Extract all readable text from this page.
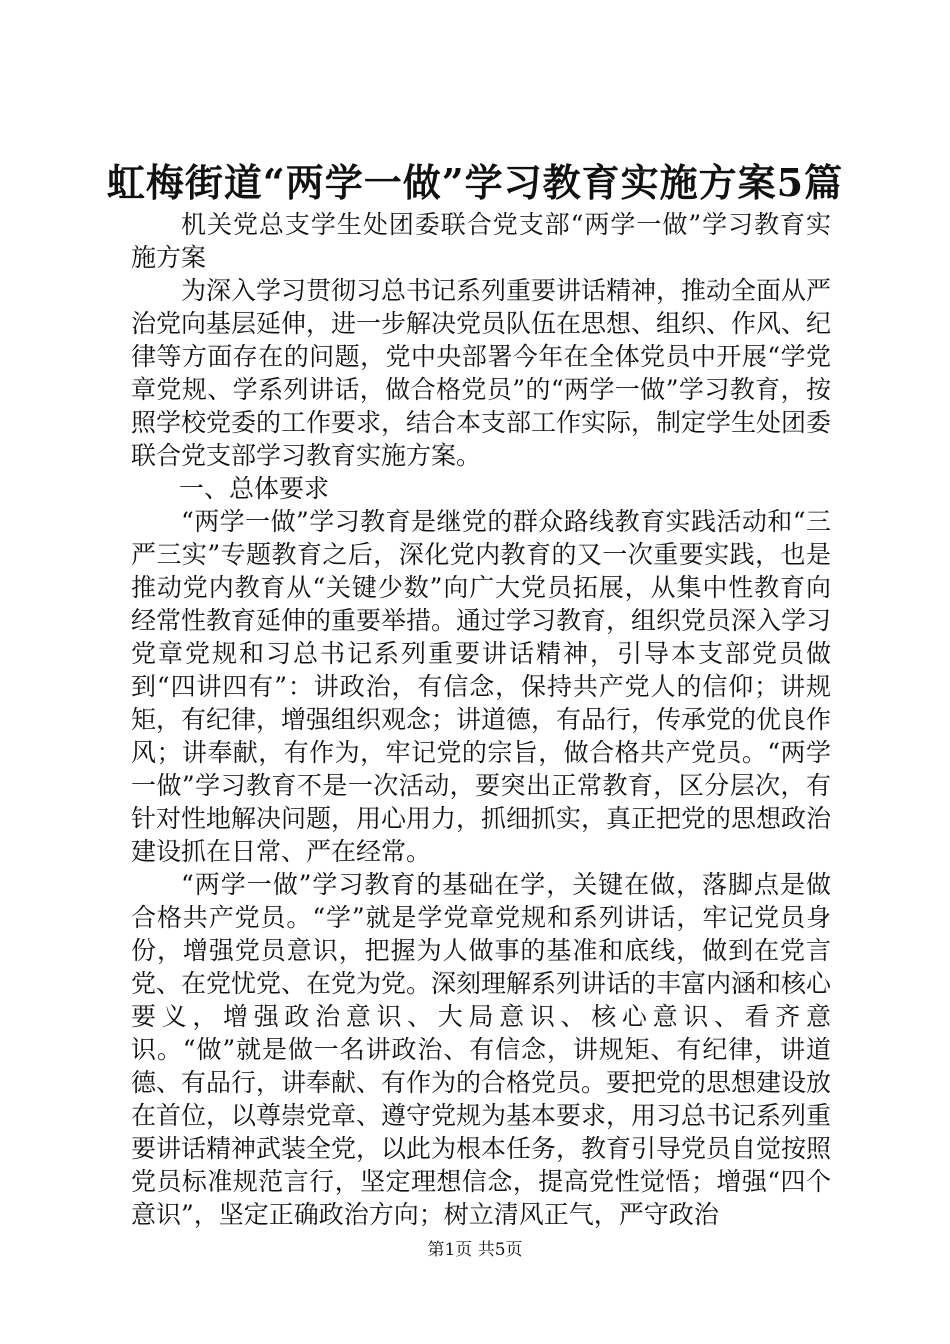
虹梅街道“两学一做”学习教育实施方案5篇

机关党总支学生处团委联合党支部“两学一做”学习教育实施方案

为深入学习贯彻习总书记系列重要讲话精神，推动全面从严治党向基层延伸，进一步解决党员队伍在思想、组织、作风、纪律等方面存在的问题，党中央部署今年在全体党员中开展“学党章党规、学系列讲话，做合格党员”的“两学一做”学习教育，按照学校党委的工作要求，结合本支部工作实际，制定学生处团委联合党支部学习教育实施方案。

一、总体要求

“两学一做”学习教育是继党的群众路线教育实践活动和“三严三实”专题教育之后，深化党内教育的又一次重要实践，也是推动党内教育从“关键少数”向广大党员拓展，从集中性教育向经常性教育延伸的重要举措。通过学习教育，组织党员深入学习党章党规和习总书记系列重要讲话精神，引导本支部党员做到“四讲四有”：讲政治，有信念，保持共产党人的信仰；讲规矩，有纪律，增强组织观念；讲道德，有品行，传承党的优良作风；讲奉献，有作为，牢记党的宗旨，做合格共产党员。“两学一做”学习教育不是一次活动，要突出正常教育，区分层次，有针对性地解决问题，用心用力，抓细抓实，真正把党的思想政治建设抓在日常、严在经常。

“两学一做”学习教育的基础在学，关键在做，落脚点是做合格共产党员。“学”就是学党章党规和系列讲话，牢记党员身份，增强党员意识，把握为人做事的基准和底线，做到在党言党、在党忧党、在党为党。深刻理解系列讲话的丰富内涵和核心要义，增强政治意识、大局意识、核心意识、看齐意识。“做”就是做一名讲政治、有信念，讲规矩、有纪律，讲道德、有品行，讲奉献、有作为的合格党员。要把党的思想建设放在首位，以尊崇党章、遵守党规为基本要求，用习总书记系列重要讲话精神武装全党，以此为根本任务，教育引导党员自觉按照党员标准规范言行，坚定理想信念，提高党性觉悟；增强“四个意识”，坚定正确政治方向；树立清风正气，严守政治

第1页 共5页
